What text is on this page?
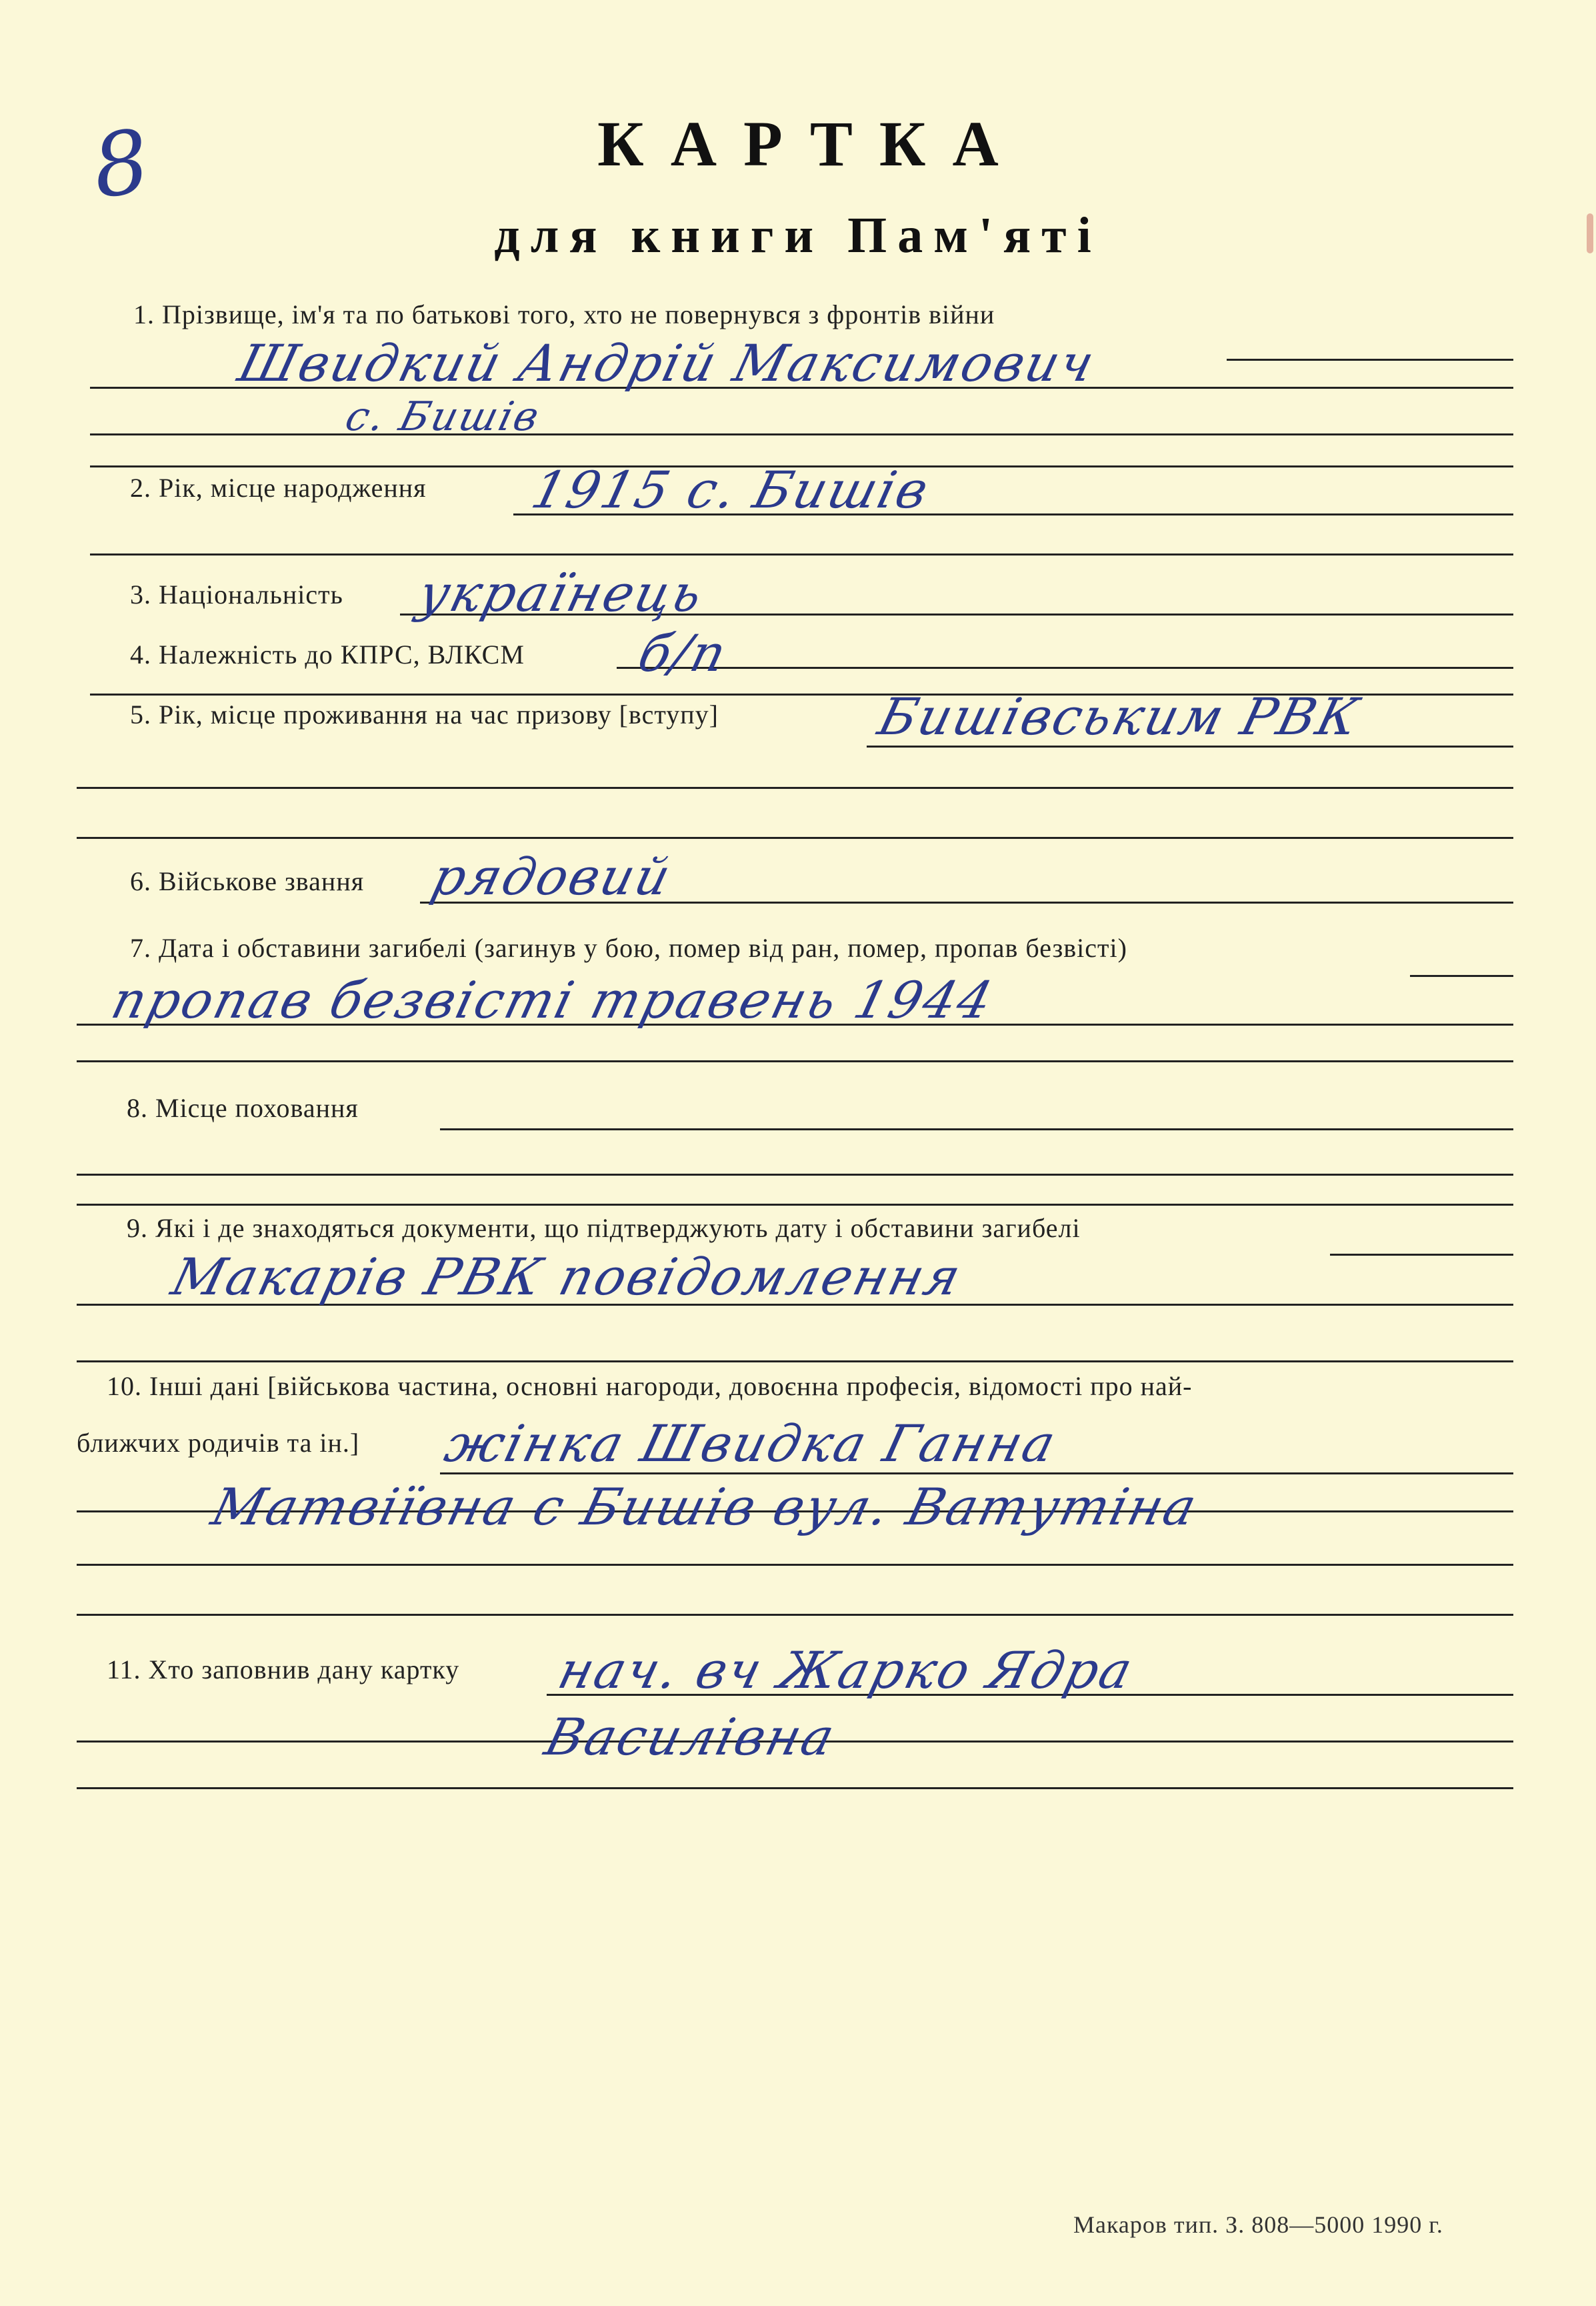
8	КАРТКА
для книги Пам'яті
1. Прізвище, ім'я та по батькові того, хто не повернувся з фронтів війни
Швидкий Андрій Максимович
с. Бишів
2. Рік, місце народження 1915 с. Бишів
3. Національність українець
4. Належність до КПРС, ВЛКСМ б/п
5. Рік, місце проживання на час призову [вступу]	Бишівським РВК
6. Військове звання рядовий
7. Дата і обставини загибелі (загинув у бою, помер від ран, помер, пропав безвісті)
пропав безвісті травень 1944
8. Місце поховання
9. Які і де знаходяться документи, що підтверджують дату і обставини загибелі
Макарів РВК повідомлення
10. Інші дані [військова частина, основні нагороди, довоєнна професія, відомості про най-
ближчих родичів та ін.] жінка Швидка Ганна
Матвіївна с Бишів вул. Ватутіна
11. Хто заповнив дану картку нач. вч Жарко Ядра
Василівна
Макаров тип. З. 808—5000 1990 г.
